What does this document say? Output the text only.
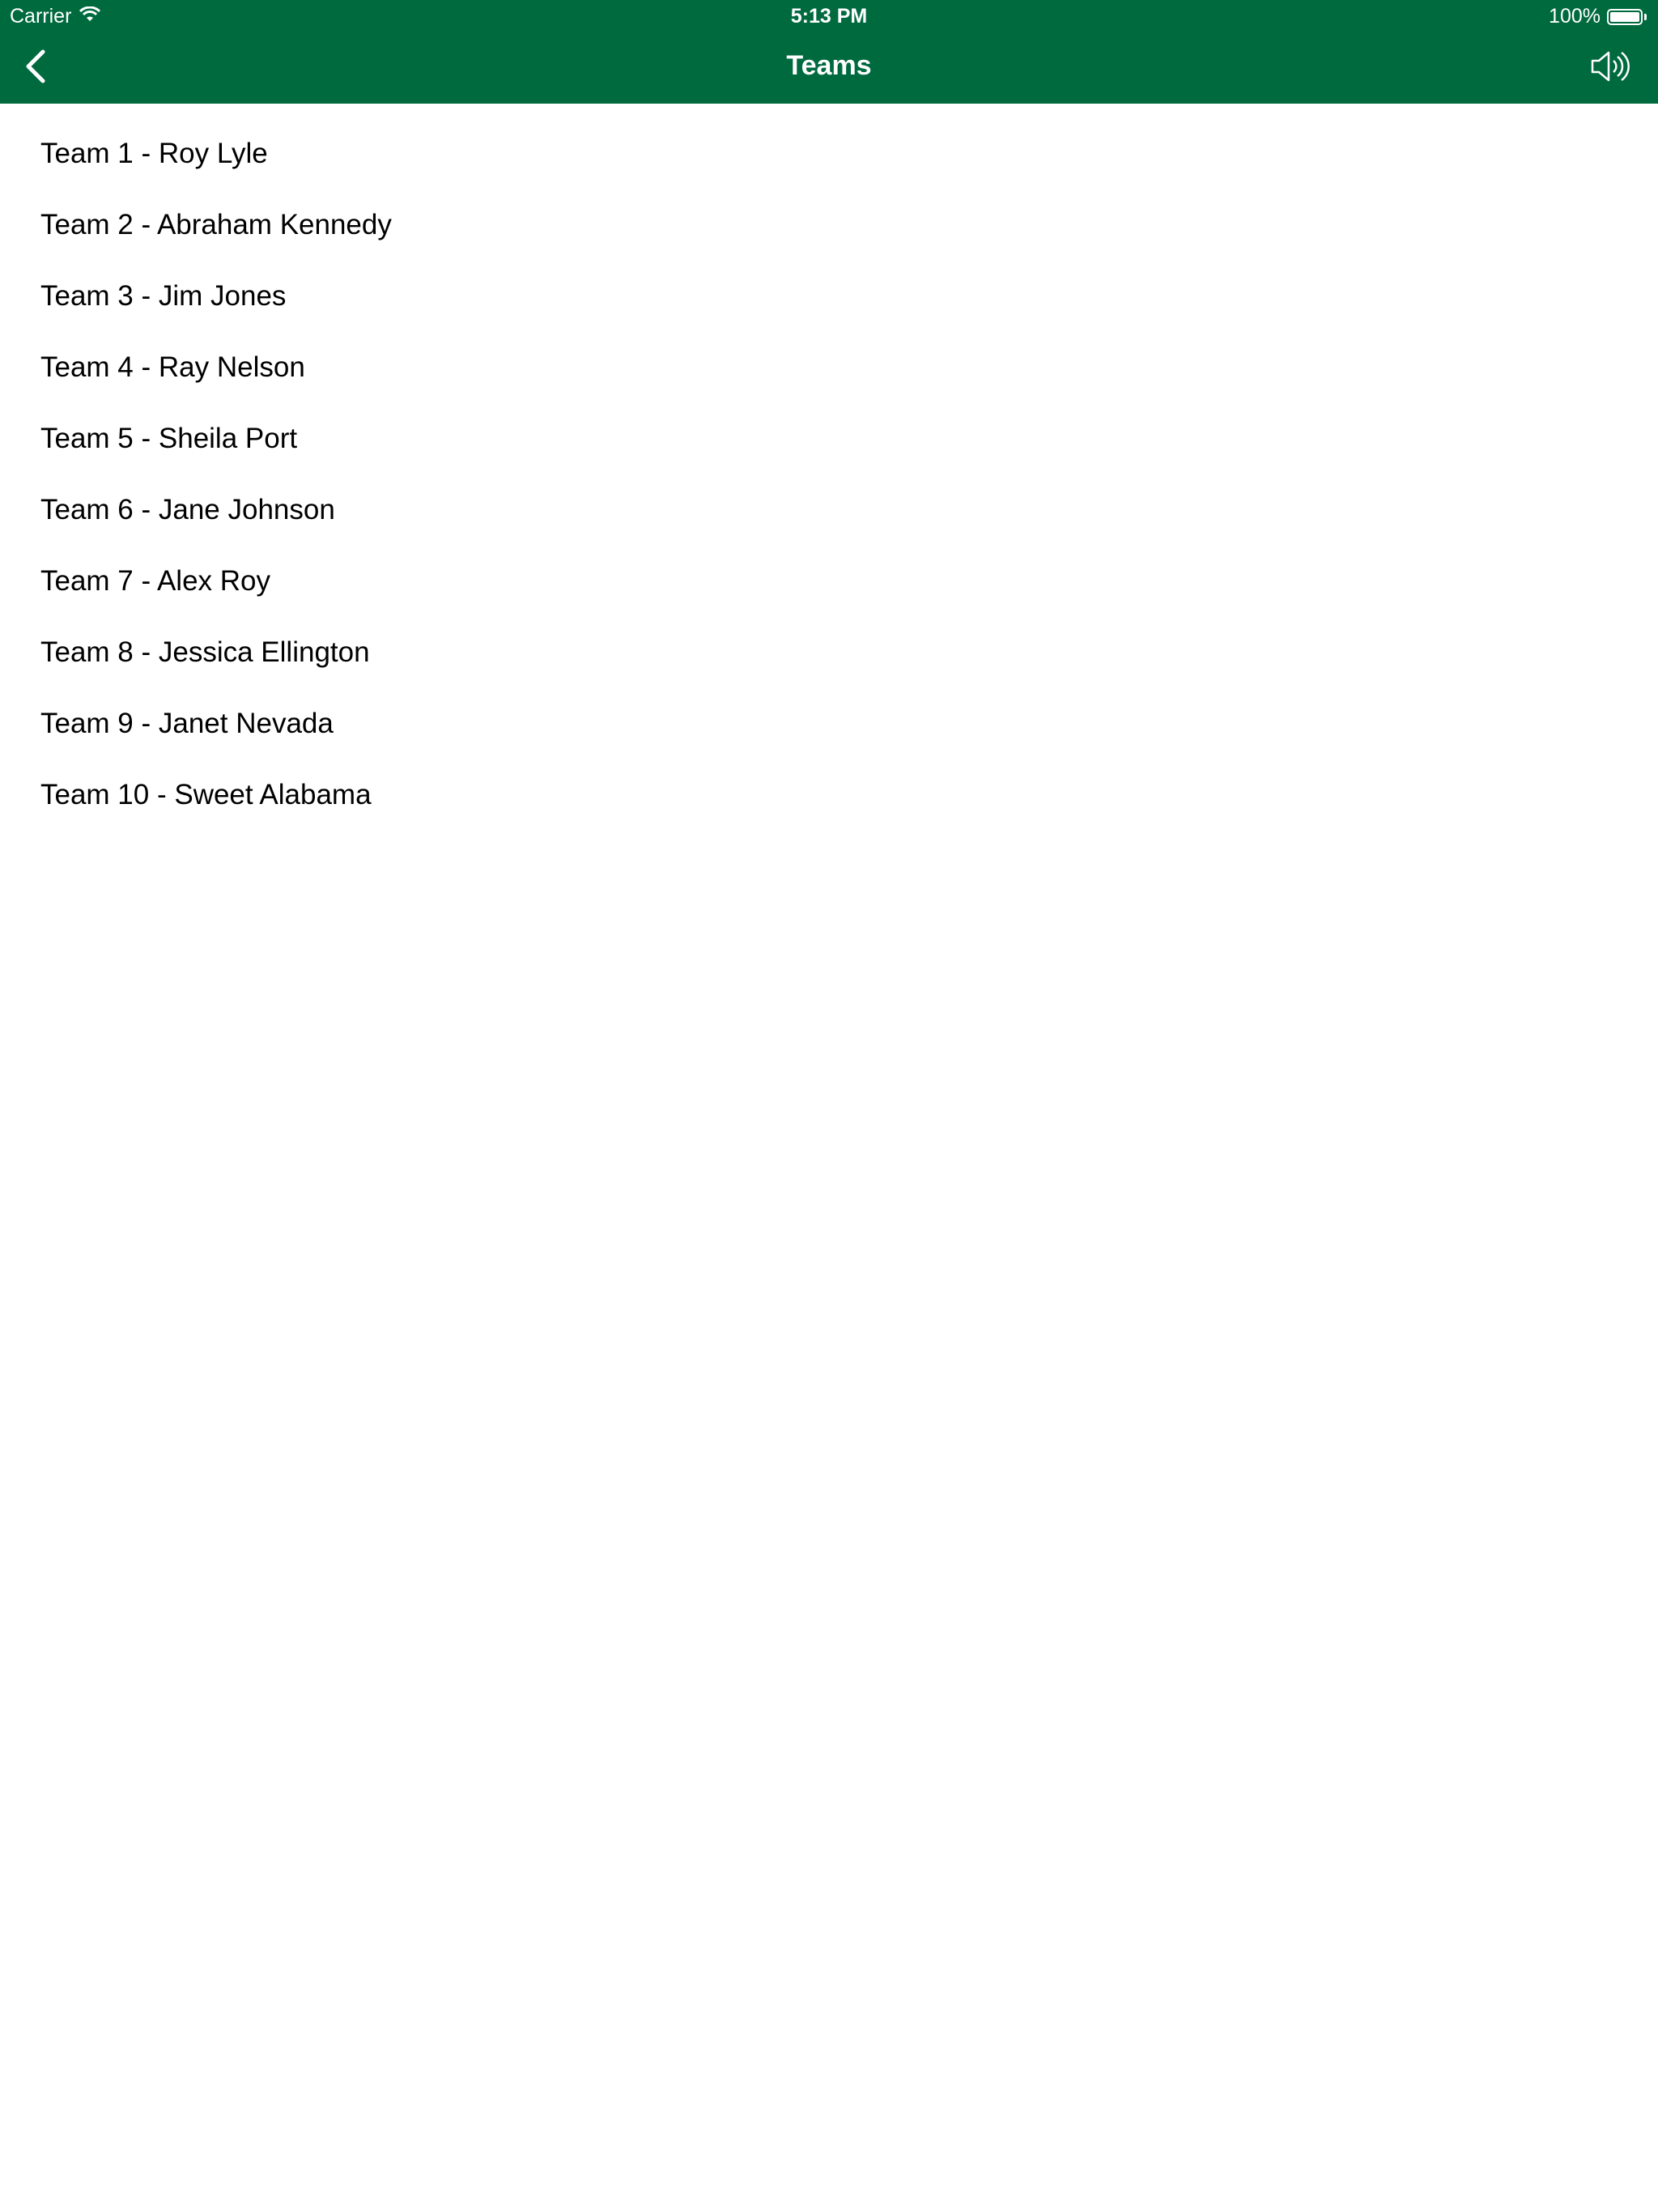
Carrier	5:13 PM	100%
Teams
Team 1 - Roy Lyle
Team 2 - Abraham Kennedy
Team 3 - Jim Jones
Team 4 - Ray Nelson
Team 5 - Sheila Port
Team 6 - Jane Johnson
Team 7 - Alex Roy
Team 8 - Jessica Ellington
Team 9 - Janet Nevada
Team 10 - Sweet Alabama
